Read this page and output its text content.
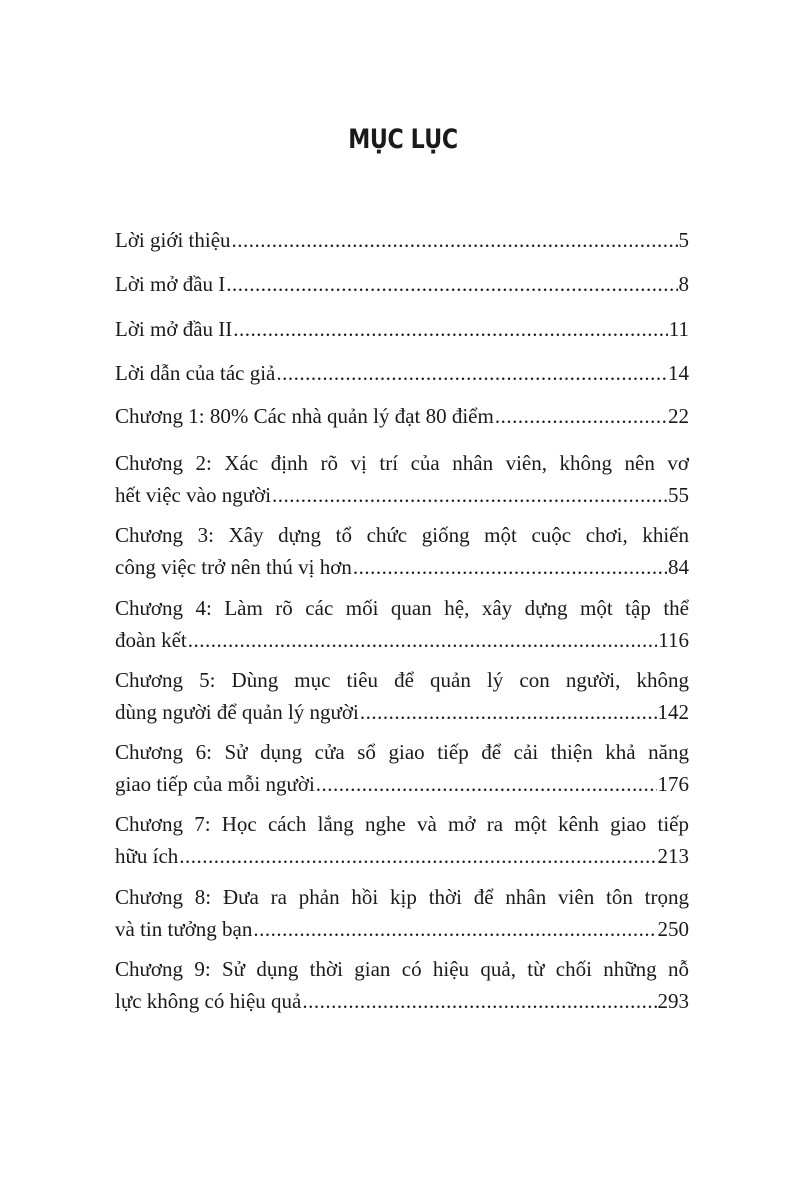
MỤC LỤC
Lời giới thiệu .....	5
Lời mở đầu I .....	8
Lời mở đầu II .....	11
Lời dẫn của tác giả .....	14
Chương 1: 80% Các nhà quản lý đạt 80 điểm .....	22
Chương 2: Xác định rõ vị trí của nhân viên, không nên vơ
hết việc vào người .....	55
Chương 3: Xây dựng tổ chức giống một cuộc chơi, khiến
công việc trở nên thú vị hơn .....	84
Chương 4: Làm rõ các mối quan hệ, xây dựng một tập thể
đoàn kết .....	116
Chương 5: Dùng mục tiêu để quản lý con người, không
dùng người để quản lý người .....	142
Chương 6: Sử dụng cửa sổ giao tiếp để cải thiện khả năng
giao tiếp của mỗi người .....	176
Chương 7: Học cách lắng nghe và mở ra một kênh giao tiếp
hữu ích .....	213
Chương 8: Đưa ra phản hồi kịp thời để nhân viên tôn trọng
và tin tưởng bạn .....	250
Chương 9: Sử dụng thời gian có hiệu quả, từ chối những nỗ
lực không có hiệu quả .....	293
